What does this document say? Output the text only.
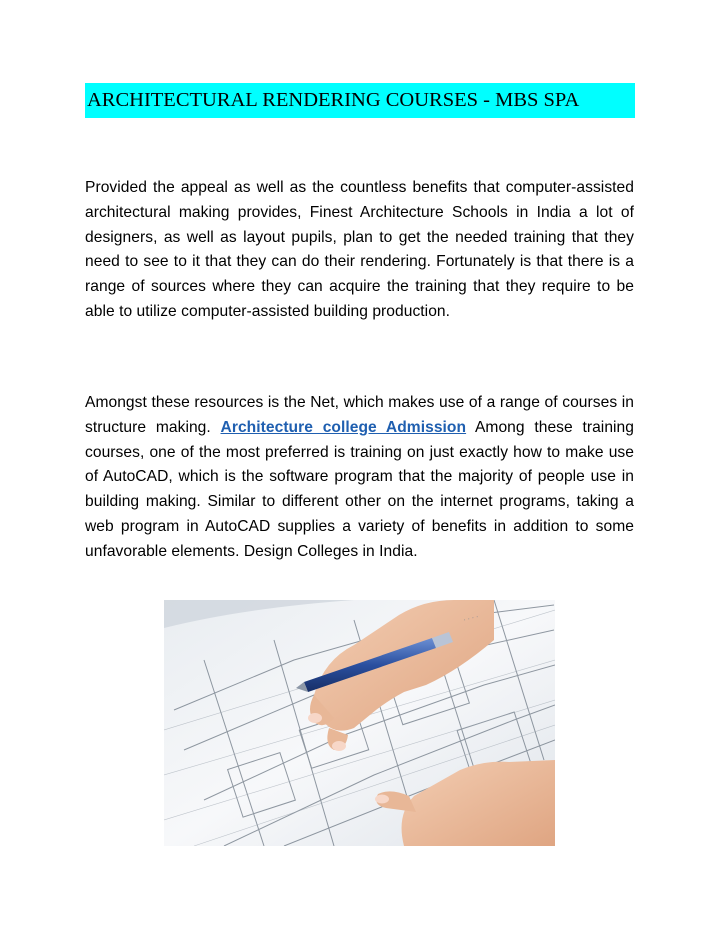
ARCHITECTURAL RENDERING COURSES - MBS SPA

Provided the appeal as well as the countless benefits that computer-assisted architectural making provides, Finest Architecture Schools in India a lot of designers, as well as layout pupils, plan to get the needed training that they need to see to it that they can do their rendering. Fortunately is that there is a range of sources where they can acquire the training that they require to be able to utilize computer-assisted building production.

Amongst these resources is the Net, which makes use of a range of courses in structure making. Architecture college Admission Among these training courses, one of the most preferred is training on just exactly how to make use of AutoCAD, which is the software program that the majority of people use in building making. Similar to different other on the internet programs, taking a web program in AutoCAD supplies a variety of benefits in addition to some unfavorable elements. Design Colleges in India.

· · · ·
